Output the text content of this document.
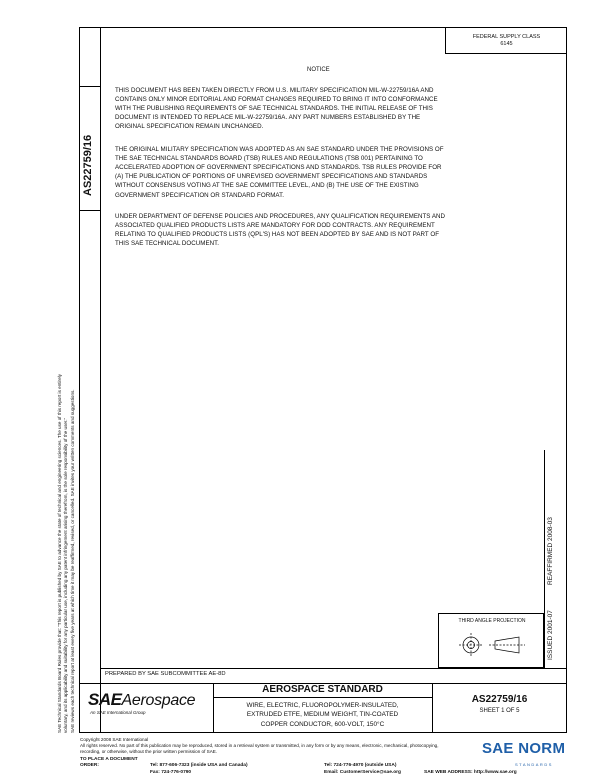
FEDERAL SUPPLY CLASS
6145
AS22759/16
SAE Technical Standards Board Rules provide that: "This report is published by SAE to advance the state of technical and engineering sciences. The use of this report is entirely voluntary, and its applicability and suitability for any particular use, including any patent infringement arising therefrom, is the sole responsibility of the user." SAE reviews each technical report at least every five years at which time it may be reaffirmed, revised, or cancelled. SAE invites your written comments and suggestions.
NOTICE
THIS DOCUMENT HAS BEEN TAKEN DIRECTLY FROM U.S. MILITARY SPECIFICATION MIL-W-22759/16A AND
CONTAINS ONLY MINOR EDITORIAL AND FORMAT CHANGES REQUIRED TO BRING IT INTO CONFORMANCE
WITH THE PUBLISHING REQUIREMENTS OF SAE TECHNICAL STANDARDS. THE INITIAL RELEASE OF THIS
DOCUMENT IS INTENDED TO REPLACE MIL-W-22759/16A. ANY PART NUMBERS ESTABLISHED BY THE
ORIGINAL SPECIFICATION REMAIN UNCHANGED.
THE ORIGINAL MILITARY SPECIFICATION WAS ADOPTED AS AN SAE STANDARD UNDER THE PROVISIONS OF
THE SAE TECHNICAL STANDARDS BOARD (TSB) RULES AND REGULATIONS (TSB 001) PERTAINING TO
ACCELERATED ADOPTION OF GOVERNMENT SPECIFICATIONS AND STANDARDS. TSB RULES PROVIDE FOR
(A) THE PUBLICATION OF PORTIONS OF UNREVISED GOVERNMENT SPECIFICATIONS AND STANDARDS
WITHOUT CONSENSUS VOTING AT THE SAE COMMITTEE LEVEL, AND (B) THE USE OF THE EXISTING
GOVERNMENT SPECIFICATION OR STANDARD FORMAT.
UNDER DEPARTMENT OF DEFENSE POLICIES AND PROCEDURES, ANY QUALIFICATION REQUIREMENTS AND
ASSOCIATED QUALIFIED PRODUCTS LISTS ARE MANDATORY FOR DOD CONTRACTS. ANY REQUIREMENT
RELATING TO QUALIFIED PRODUCTS LISTS (QPL'S) HAS NOT BEEN ADOPTED BY SAE AND IS NOT PART OF
THIS SAE TECHNICAL DOCUMENT.
REAFFIRMED 2008-03
ISSUED 2001-07
THIRD ANGLE PROJECTION
PREPARED BY SAE SUBCOMMITTEE AE-8D
SAEAerospace
An SAE International Group
AEROSPACE STANDARD
WIRE, ELECTRIC, FLUOROPOLYMER-INSULATED,
EXTRUDED ETFE, MEDIUM WEIGHT, TIN-COATED
COPPER CONDUCTOR, 600-VOLT, 150°C
AS22759/16
SHEET 1 OF 5
Copyright 2008 SAE International
All rights reserved. No part of this publication may be reproduced, stored in a retrieval system or transmitted, in any form or by any means, electronic, mechanical, photocopying,
recording, or otherwise, without the prior written permission of SAE.
TO PLACE A DOCUMENT ORDER:	Tel: 877-606-7323 (inside USA and Canada)	Tel: 724-776-4970 (outside USA)
Fax: 724-776-0790	Email: CustomerService@sae.org	SAE WEB ADDRESS: http://www.sae.org
SAE NORM
STANDARDS
